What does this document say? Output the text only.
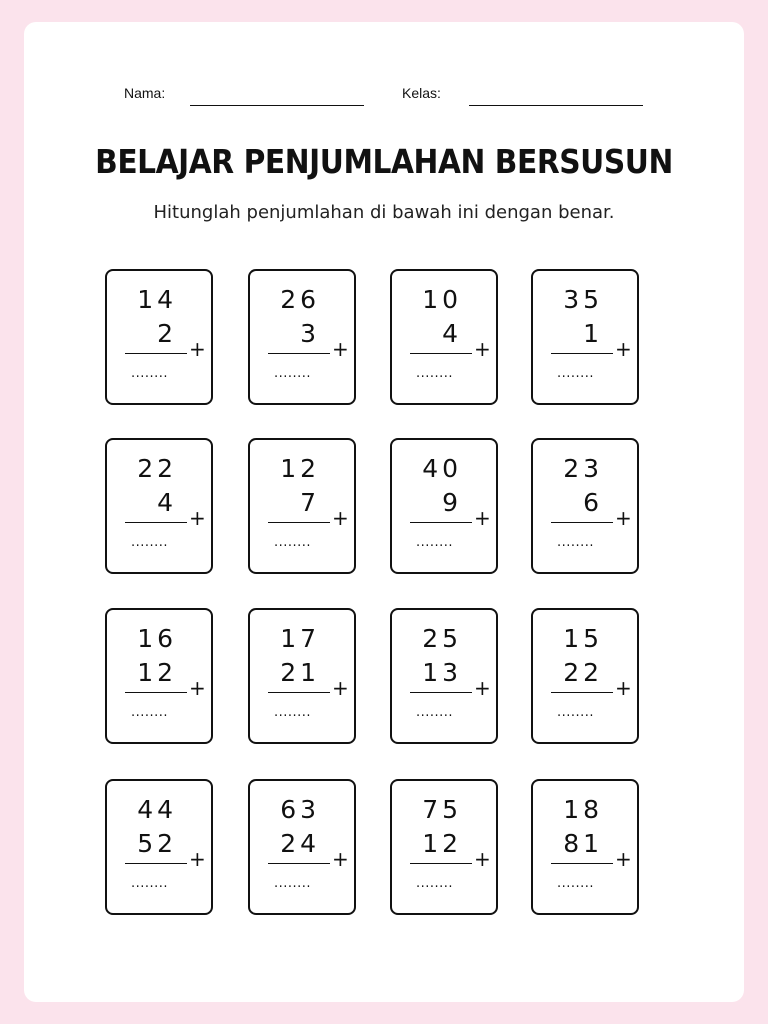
Nama:	Kelas:
BELAJAR PENJUMLAHAN BERSUSUN
Hitunglah penjumlahan di bawah ini dengan benar.
14
2
+
........
26
3
+
........
10
4
+
........
35
1
+
........
22
4
+
........
12
7
+
........
40
9
+
........
23
6
+
........
16
12
+
........
17
21
+
........
25
13
+
........
15
22
+
........
44
52
+
........
63
24
+
........
75
12
+
........
18
81
+
........
